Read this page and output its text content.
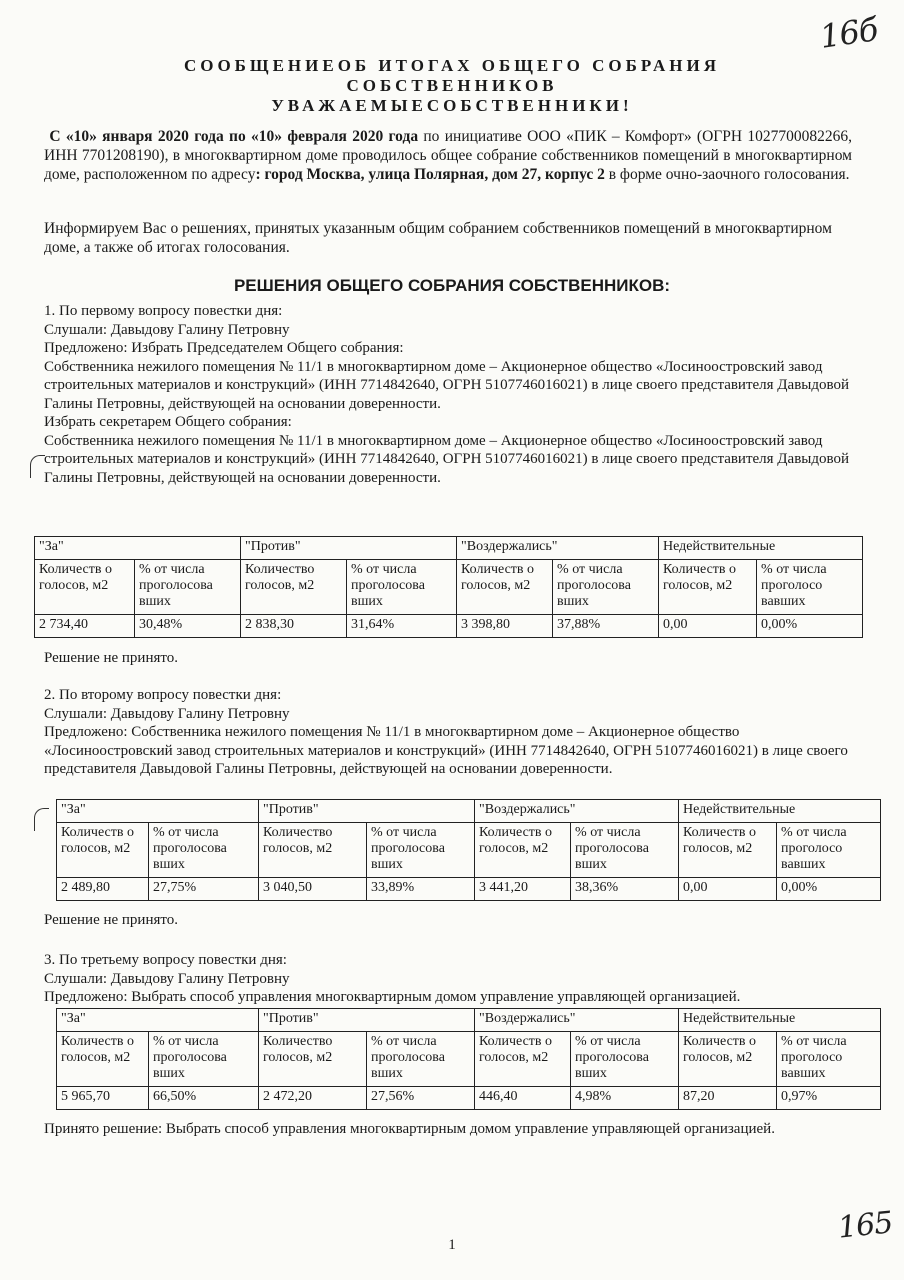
16б
СООБЩЕНИЕОБ ИТОГАХ ОБЩЕГО СОБРАНИЯ
СОБСТВЕННИКОВ
УВАЖАЕМЫЕСОБСТВЕННИКИ!

С «10» января 2020 года по «10» февраля 2020 года по инициативе ООО «ПИК – Комфорт» (ОГРН 1027700082266, ИНН 7701208190), в многоквартирном доме проводилось общее собрание собственников помещений в многоквартирном доме, расположенном по адресу: город Москва, улица Полярная, дом 27, корпус 2 в форме очно-заочного голосования.

Информируем Вас о решениях, принятых указанным общим собранием собственников помещений в многоквартирном доме, а также об итогах голосования.

РЕШЕНИЯ ОБЩЕГО СОБРАНИЯ СОБСТВЕННИКОВ:

1. По первому вопросу повестки дня:

Слушали: Давыдову Галину Петровну

Предложено: Избрать Председателем Общего собрания:

Собственника нежилого помещения № 11/1 в многоквартирном доме – Акционерное общество «Лосиноостровский завод строительных материалов и конструкций» (ИНН 7714842640, ОГРН 5107746016021) в лице своего представителя Давыдовой Галины Петровны, действующей на основании доверенности.

Избрать секретарем Общего собрания:

Собственника нежилого помещения № 11/1 в многоквартирном доме – Акционерное общество «Лосиноостровский завод строительных материалов и конструкций» (ИНН 7714842640, ОГРН 5107746016021) в лице своего представителя Давыдовой Галины Петровны, действующей на основании доверенности.

"За"		"Против"		"Воздержались"		Недействительные	
Количеств о голосов, м2	% от числа проголосова вших	Количество голосов, м2	% от числа проголосова вших	Количеств о голосов, м2	% от числа проголосова вших	Количеств о голосов, м2	% от числа проголосо вавших
2 734,40	30,48%	2 838,30	31,64%	3 398,80	37,88%	0,00	0,00%

Решение не принято.

2. По второму вопросу повестки дня:

Слушали: Давыдову Галину Петровну

Предложено: Собственника нежилого помещения № 11/1 в многоквартирном доме – Акционерное общество «Лосиноостровский завод строительных материалов и конструкций» (ИНН 7714842640, ОГРН 5107746016021) в лице своего представителя Давыдовой Галины Петровны, действующей на основании доверенности.

"За"		"Против"		"Воздержались"		Недействительные	
Количеств о голосов, м2	% от числа проголосова вших	Количество голосов, м2	% от числа проголосова вших	Количеств о голосов, м2	% от числа проголосова вших	Количеств о голосов, м2	% от числа проголосо вавших
2 489,80	27,75%	3 040,50	33,89%	3 441,20	38,36%	0,00	0,00%

Решение не принято.

3. По третьему вопросу повестки дня:

Слушали: Давыдову Галину Петровну

Предложено: Выбрать способ управления многоквартирным домом управление управляющей организацией.

"За"		"Против"		"Воздержались"		Недействительные	
Количеств о голосов, м2	% от числа проголосова вших	Количество голосов, м2	% от числа проголосова вших	Количеств о голосов, м2	% от числа проголосова вших	Количеств о голосов, м2	% от числа проголосо вавших
5 965,70	66,50%	2 472,20	27,56%	446,40	4,98%	87,20	0,97%

Принято решение: Выбрать способ управления многоквартирным домом управление управляющей организацией.

1	165
